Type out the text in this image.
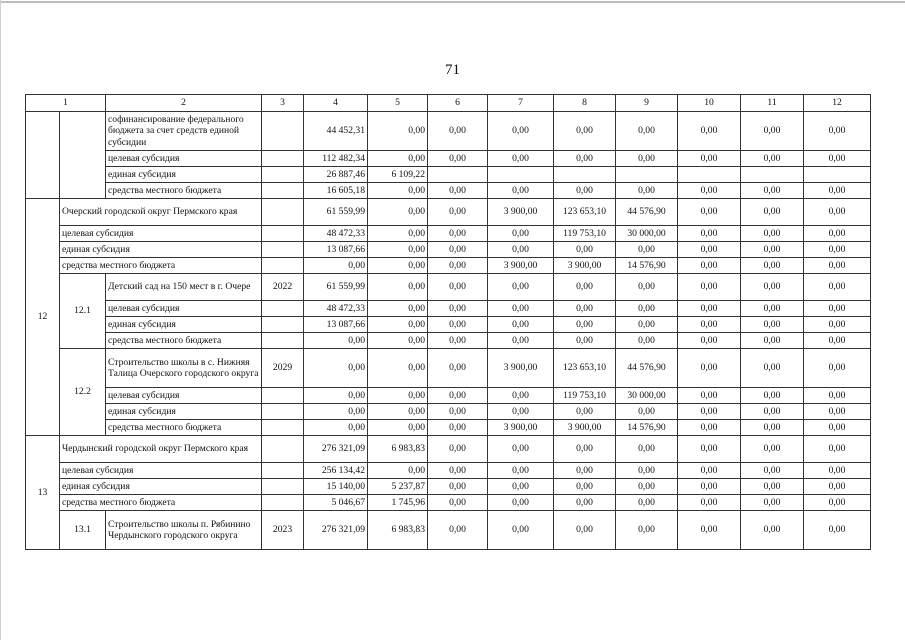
71
1		2	3	4	5	6	7	8	9	10	11	12
		софинансирование федерального бюджета за счет средств единой субсидии		44 452,31	0,00	0,00	0,00	0,00	0,00	0,00	0,00	0,00
		целевая субсидия		112 482,34	0,00	0,00	0,00	0,00	0,00	0,00	0,00	0,00
		единая субсидия		26 887,46	6 109,22							
		средства местного бюджета		16 605,18	0,00	0,00	0,00	0,00	0,00	0,00	0,00	0,00
12	Очерский городской округ Пермского края			61 559,99	0,00	0,00	3 900,00	123 653,10	44 576,90	0,00	0,00	0,00
	целевая субсидия			48 472,33	0,00	0,00	0,00	119 753,10	30 000,00	0,00	0,00	0,00
	единая субсидия			13 087,66	0,00	0,00	0,00	0,00	0,00	0,00	0,00	0,00
	средства местного бюджета			0,00	0,00	0,00	3 900,00	3 900,00	14 576,90	0,00	0,00	0,00
	12.1	Детский сад на 150 мест в г. Очере	2022	61 559,99	0,00	0,00	0,00	0,00	0,00	0,00	0,00	0,00
		целевая субсидия		48 472,33	0,00	0,00	0,00	0,00	0,00	0,00	0,00	0,00
		единая субсидия		13 087,66	0,00	0,00	0,00	0,00	0,00	0,00	0,00	0,00
		средства местного бюджета		0,00	0,00	0,00	0,00	0,00	0,00	0,00	0,00	0,00
	12.2	Строительство школы в с. Нижняя Талица Очерского городского округа	2029	0,00	0,00	0,00	3 900,00	123 653,10	44 576,90	0,00	0,00	0,00
		целевая субсидия		0,00	0,00	0,00	0,00	119 753,10	30 000,00	0,00	0,00	0,00
		единая субсидия		0,00	0,00	0,00	0,00	0,00	0,00	0,00	0,00	0,00
		средства местного бюджета		0,00	0,00	0,00	3 900,00	3 900,00	14 576,90	0,00	0,00	0,00
13	Чердынский городской округ Пермского края			276 321,09	6 983,83	0,00	0,00	0,00	0,00	0,00	0,00	0,00
	целевая субсидия			256 134,42	0,00	0,00	0,00	0,00	0,00	0,00	0,00	0,00
	единая субсидия			15 140,00	5 237,87	0,00	0,00	0,00	0,00	0,00	0,00	0,00
	средства местного бюджета			5 046,67	1 745,96	0,00	0,00	0,00	0,00	0,00	0,00	0,00
	13.1	Строительство школы п. Рябинино Чердынского городского округа	2023	276 321,09	6 983,83	0,00	0,00	0,00	0,00	0,00	0,00	0,00
